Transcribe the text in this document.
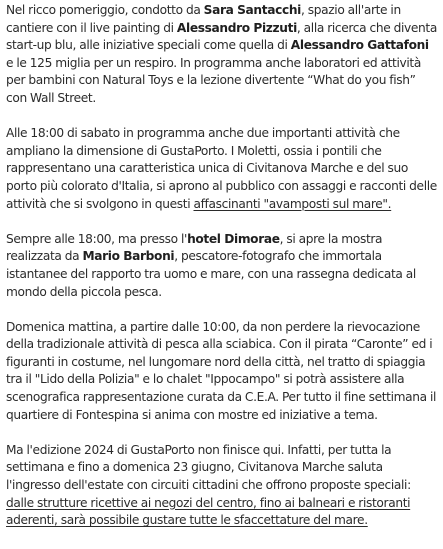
Nel ricco pomeriggio, condotto da Sara Santacchi, spazio all'arte in cantiere con il live painting di Alessandro Pizzuti, alla ricerca che diventa start-up blu, alle iniziative speciali come quella di Alessandro Gattafoni e le 125 miglia per un respiro. In programma anche laboratori ed attività per bambini con Natural Toys e la lezione divertente “What do you fish” con Wall Street.

Alle 18:00 di sabato in programma anche due importanti attività che ampliano la dimensione di GustaPorto. I Moletti, ossia i pontili che rappresentano una caratteristica unica di Civitanova Marche e del suo porto più colorato d'Italia, si aprono al pubblico con assaggi e racconti delle attività che si svolgono in questi affascinanti "avamposti sul mare".

Sempre alle 18:00, ma presso l'hotel Dimorae, si apre la mostra realizzata da Mario Barboni, pescatore-fotografo che immortala istantanee del rapporto tra uomo e mare, con una rassegna dedicata al mondo della piccola pesca.

Domenica mattina, a partire dalle 10:00, da non perdere la rievocazione della tradizionale attività di pesca alla sciabica. Con il pirata “Caronte” ed i figuranti in costume, nel lungomare nord della città, nel tratto di spiaggia tra il "Lido della Polizia" e lo chalet "Ippocampo" si potrà assistere alla scenografica rappresentazione curata da C.E.A. Per tutto il fine settimana il quartiere di Fontespina si anima con mostre ed iniziative a tema.

Ma l'edizione 2024 di GustaPorto non finisce qui. Infatti, per tutta la settimana e fino a domenica 23 giugno, Civitanova Marche saluta l'ingresso dell'estate con circuiti cittadini che offrono proposte speciali: dalle strutture ricettive ai negozi del centro, fino ai balneari e ristoranti aderenti, sarà possibile gustare tutte le sfaccettature del mare.
